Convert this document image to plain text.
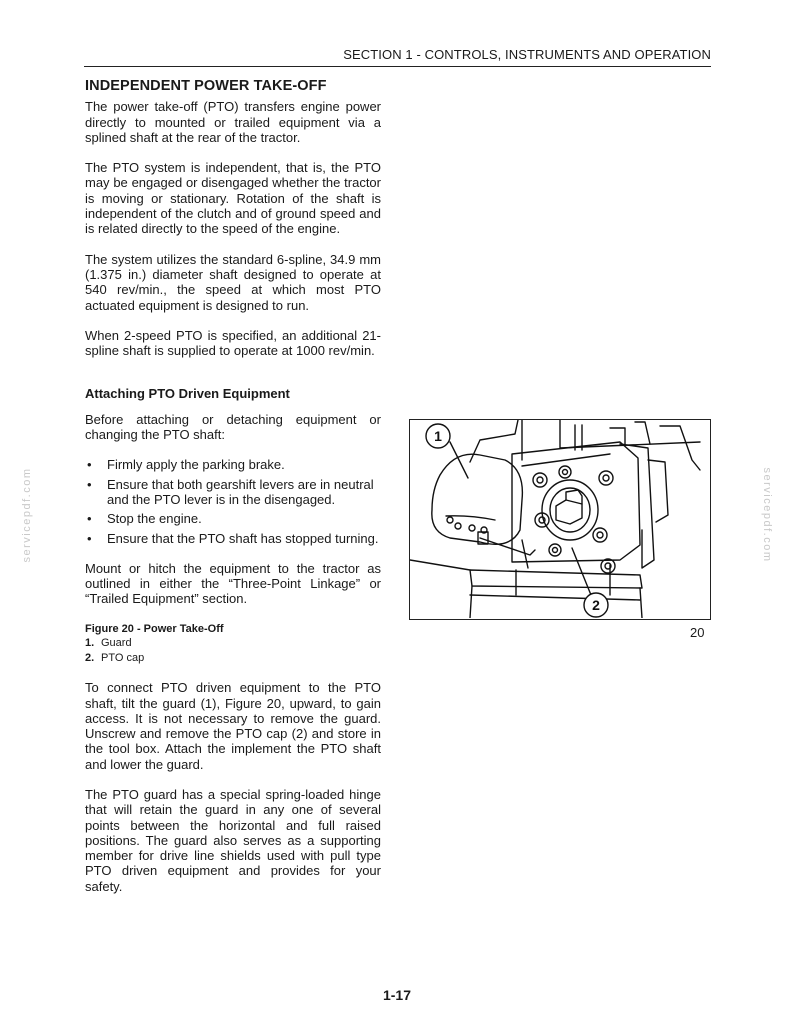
SECTION 1 - CONTROLS, INSTRUMENTS AND OPERATION
servicepdf.com	servicepdf.com
INDEPENDENT POWER TAKE-OFF

The power take-off (PTO) transfers engine power directly to mounted or trailed equipment via a splined shaft at the rear of the tractor.

The PTO system is independent, that is, the PTO may be engaged or disengaged whether the tractor is moving or stationary. Rotation of the shaft is independent of the clutch and of ground speed and is related directly to the speed of the engine.

The system utilizes the standard 6-spline, 34.9 mm (1.375 in.) diameter shaft designed to operate at 540 rev/min., the speed at which most PTO actuated equipment is designed to run.

When 2-speed PTO is specified, an additional 21-spline shaft is supplied to operate at 1000 rev/min.

Attaching PTO Driven Equipment

Before attaching or detaching equipment or changing the PTO shaft:

• Firmly apply the parking brake.
• Ensure that both gearshift levers are in neutral and the PTO lever is in the disengaged.
• Stop the engine.
• Ensure that the PTO shaft has stopped turning.

Mount or hitch the equipment to the tractor as outlined in either the “Three-Point Linkage” or “Trailed Equipment” section.

Figure 20 - Power Take-Off
1. Guard
2. PTO cap

To connect PTO driven equipment to the PTO shaft, tilt the guard (1), Figure 20, upward, to gain access. It is not necessary to remove the guard. Unscrew and remove the PTO cap (2) and store in the tool box. Attach the implement the PTO shaft and lower the guard.

The PTO guard has a special spring-loaded hinge that will retain the guard in any one of several points between the horizontal and full raised positions. The guard also serves as a supporting member for drive line shields used with pull type PTO driven equipment and provides for your safety.

1
2
20
1-17
